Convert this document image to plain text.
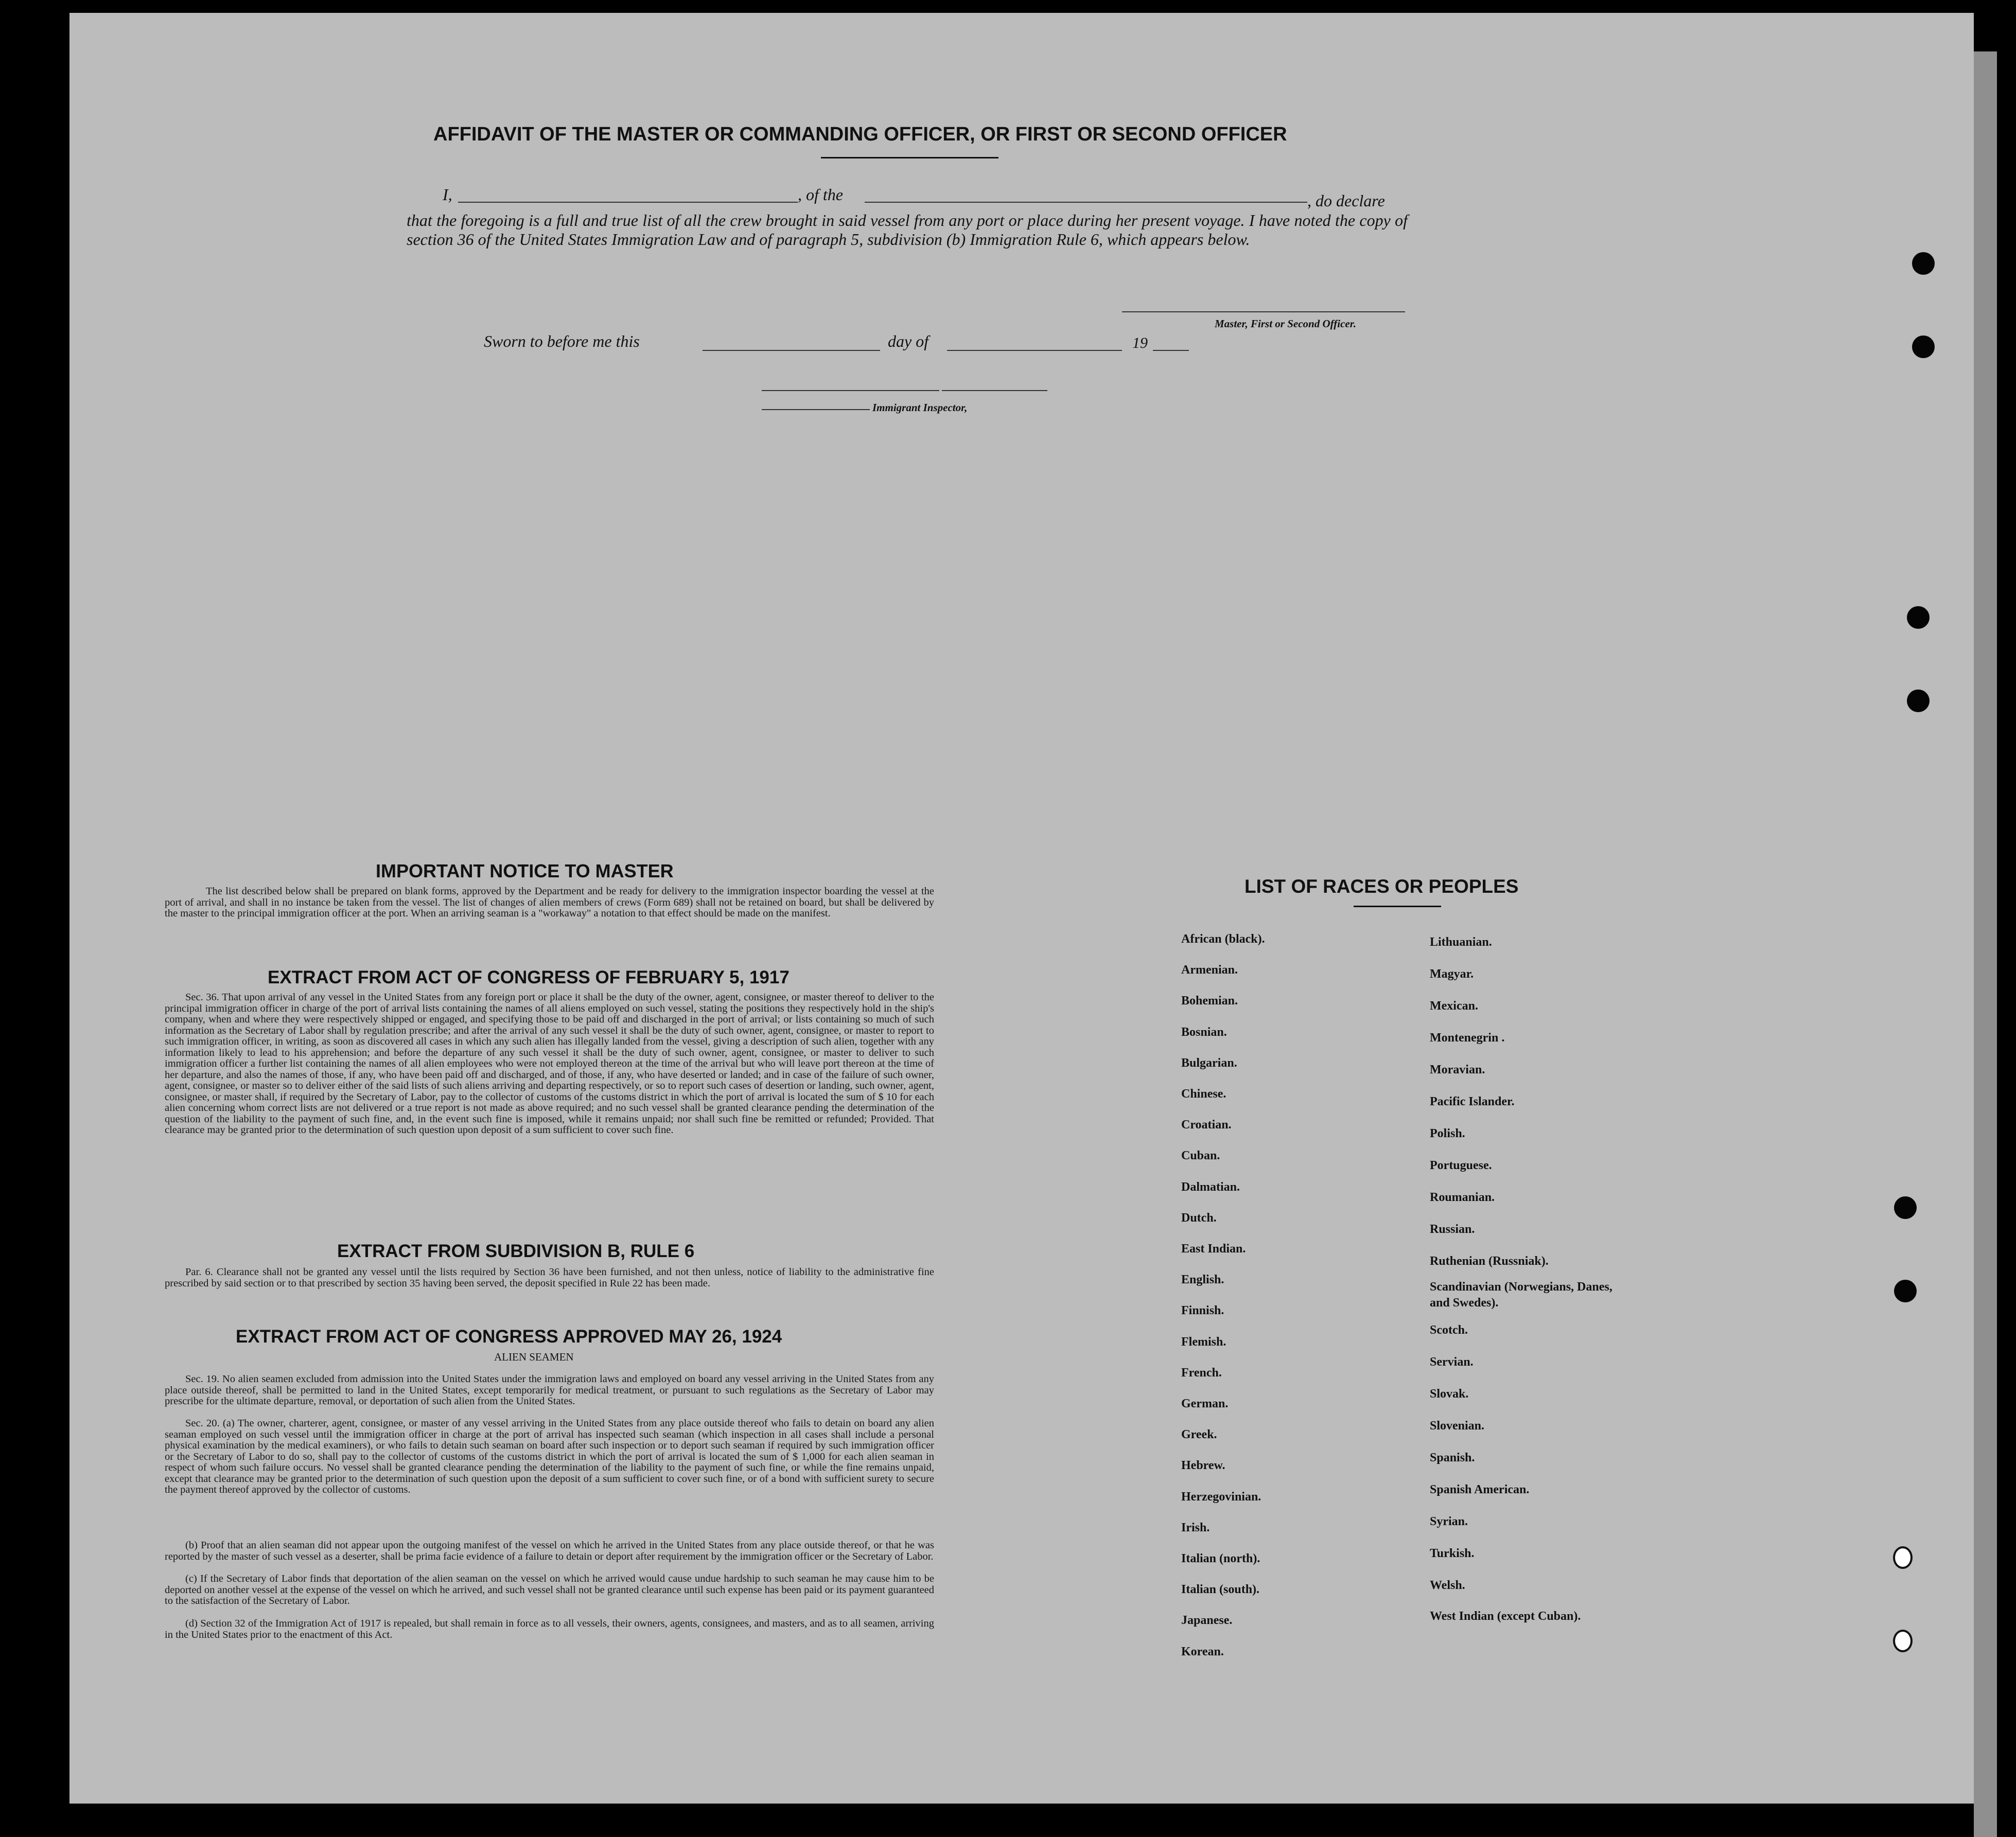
AFFIDAVIT OF THE MASTER OR COMMANDING OFFICER, OR FIRST OR SECOND OFFICER
I,	, of the	, do declare
that the foregoing is a full and true list of all the crew brought in said vessel from any port or place during her present voyage. I have noted the copy of section 36 of the United States Immigration Law and of paragraph 5, subdivision (b) Immigration Rule 6, which appears below.
Master, First or Second Officer.
Sworn to before me this	day of	19
Immigrant Inspector,
IMPORTANT NOTICE TO MASTER
The list described below shall be prepared on blank forms, approved by the Department and be ready for delivery to the immigration inspector boarding the vessel at the port of arrival, and shall in no instance be taken from the vessel. The list of changes of alien members of crews (Form 689) shall not be retained on board, but shall be delivered by the master to the principal immigration officer at the port. When an arriving seaman is a "workaway" a notation to that effect should be made on the manifest.
EXTRACT FROM ACT OF CONGRESS OF FEBRUARY 5, 1917
Sec. 36. That upon arrival of any vessel in the United States from any foreign port or place it shall be the duty of the owner, agent, consignee, or master thereof to deliver to the principal immigration officer in charge of the port of arrival lists containing the names of all aliens employed on such vessel, stating the positions they respectively hold in the ship's company, when and where they were respectively shipped or engaged, and specifying those to be paid off and discharged in the port of arrival; or lists containing so much of such information as the Secretary of Labor shall by regulation prescribe; and after the arrival of any such vessel it shall be the duty of such owner, agent, consignee, or master to report to such immigration officer, in writing, as soon as discovered all cases in which any such alien has illegally landed from the vessel, giving a description of such alien, together with any information likely to lead to his apprehension; and before the departure of any such vessel it shall be the duty of such owner, agent, consignee, or master to deliver to such immigration officer a further list containing the names of all alien employees who were not employed thereon at the time of the arrival but who will leave port thereon at the time of her departure, and also the names of those, if any, who have been paid off and discharged, and of those, if any, who have deserted or landed; and in case of the failure of such owner, agent, consignee, or master so to deliver either of the said lists of such aliens arriving and departing respectively, or so to report such cases of desertion or landing, such owner, agent, consignee, or master shall, if required by the Secretary of Labor, pay to the collector of customs of the customs district in which the port of arrival is located the sum of $ 10 for each alien concerning whom correct lists are not delivered or a true report is not made as above required; and no such vessel shall be granted clearance pending the determination of the question of the liability to the payment of such fine, and, in the event such fine is imposed, while it remains unpaid; nor shall such fine be remitted or refunded; Provided. That clearance may be granted prior to the determination of such question upon deposit of a sum sufficient to cover such fine.
EXTRACT FROM SUBDIVISION B, RULE 6
Par. 6. Clearance shall not be granted any vessel until the lists required by Section 36 have been furnished, and not then unless, notice of liability to the administrative fine prescribed by said section or to that prescribed by section 35 having been served, the deposit specified in Rule 22 has been made.
EXTRACT FROM ACT OF CONGRESS APPROVED MAY 26, 1924
ALIEN SEAMEN
Sec. 19. No alien seamen excluded from admission into the United States under the immigration laws and employed on board any vessel arriving in the United States from any place outside thereof, shall be permitted to land in the United States, except temporarily for medical treatment, or pursuant to such regulations as the Secretary of Labor may prescribe for the ultimate departure, removal, or deportation of such alien from the United States.
Sec. 20. (a) The owner, charterer, agent, consignee, or master of any vessel arriving in the United States from any place outside thereof who fails to detain on board any alien seaman employed on such vessel until the immigration officer in charge at the port of arrival has inspected such seaman (which inspection in all cases shall include a personal physical examination by the medical examiners), or who fails to detain such seaman on board after such inspection or to deport such seaman if required by such immigration officer or the Secretary of Labor to do so, shall pay to the collector of customs of the customs district in which the port of arrival is located the sum of $ 1,000 for each alien seaman in respect of whom such failure occurs. No vessel shall be granted clearance pending the determination of the liability to the payment of such fine, or while the fine remains unpaid, except that clearance may be granted prior to the determination of such question upon the deposit of a sum sufficient to cover such fine, or of a bond with sufficient surety to secure the payment thereof approved by the collector of customs.
(b) Proof that an alien seaman did not appear upon the outgoing manifest of the vessel on which he arrived in the United States from any place outside thereof, or that he was reported by the master of such vessel as a deserter, shall be prima facie evidence of a failure to detain or deport after requirement by the immigration officer or the Secretary of Labor.
(c) If the Secretary of Labor finds that deportation of the alien seaman on the vessel on which he arrived would cause undue hardship to such seaman he may cause him to be deported on another vessel at the expense of the vessel on which he arrived, and such vessel shall not be granted clearance until such expense has been paid or its payment guaranteed to the satisfaction of the Secretary of Labor.
(d) Section 32 of the Immigration Act of 1917 is repealed, but shall remain in force as to all vessels, their owners, agents, consignees, and masters, and as to all seamen, arriving in the United States prior to the enactment of this Act.
LIST OF RACES OR PEOPLES
African (black).
Armenian.
Bohemian.
Bosnian.
Bulgarian.
Chinese.
Croatian.
Cuban.
Dalmatian.
Dutch.
East Indian.
English.
Finnish.
Flemish.
French.
German.
Greek.
Hebrew.
Herzegovinian.
Irish.
Italian (north).
Italian (south).
Japanese.
Korean.
Lithuanian.
Magyar.
Mexican.
Montenegrin .
Moravian.
Pacific Islander.
Polish.
Portuguese.
Roumanian.
Russian.
Ruthenian (Russniak).
Scandinavian (Norwegians, Danes, and Swedes).
Scotch.
Servian.
Slovak.
Slovenian.
Spanish.
Spanish American.
Syrian.
Turkish.
Welsh.
West Indian (except Cuban).
